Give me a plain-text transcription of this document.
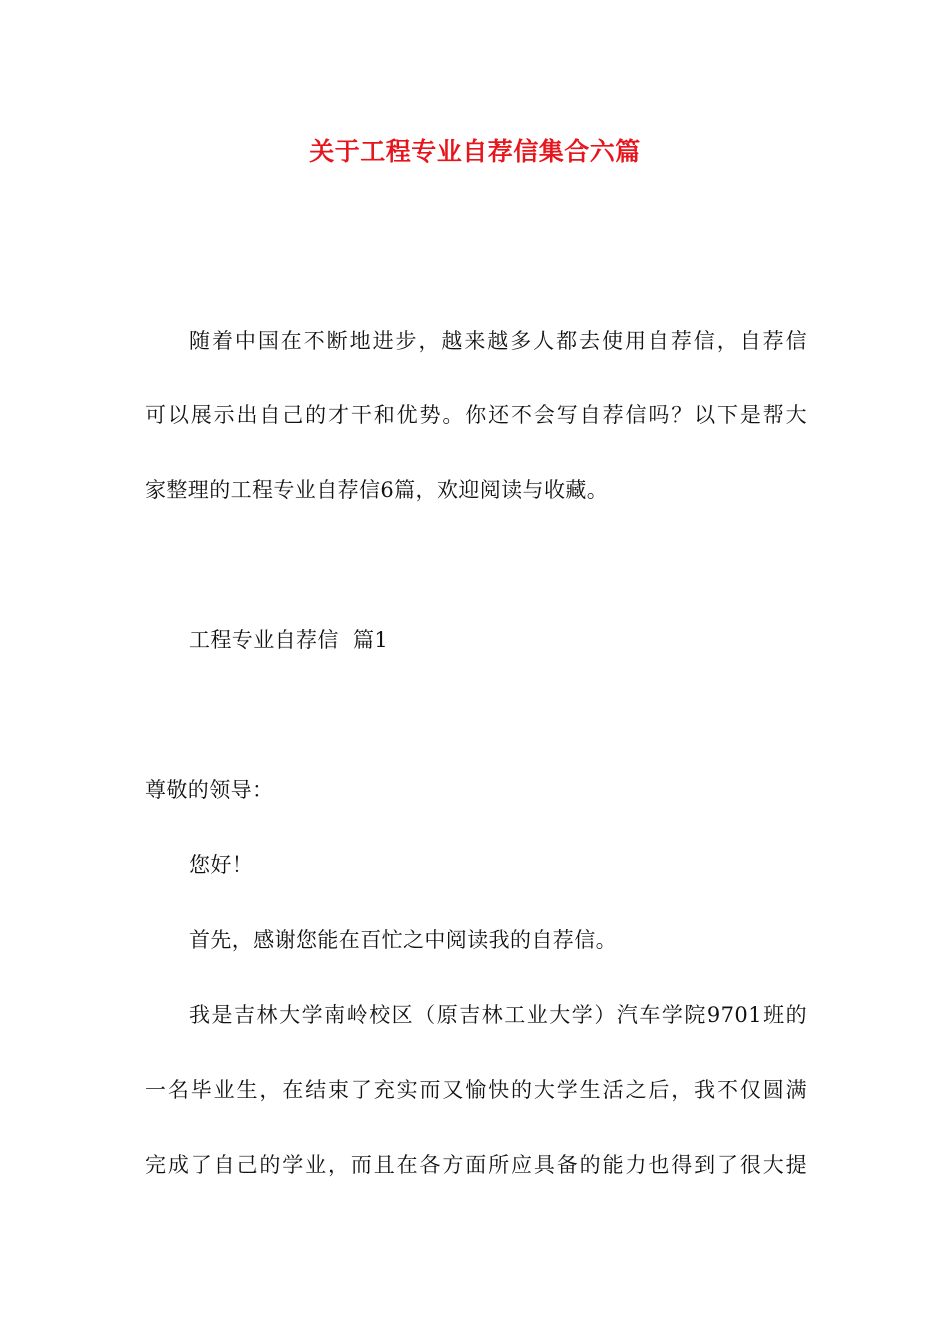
关于工程专业自荐信集合六篇
随着中国在不断地进步，越来越多人都去使用自荐信，自荐信
可以展示出自己的才干和优势。你还不会写自荐信吗？以下是帮大
家整理的工程专业自荐信6篇，欢迎阅读与收藏。
工程专业自荐信  篇1
尊敬的领导：
您好！
首先，感谢您能在百忙之中阅读我的自荐信。
我是吉林大学南岭校区（原吉林工业大学）汽车学院9701班的
一名毕业生，在结束了充实而又愉快的大学生活之后，我不仅圆满
完成了自己的学业，而且在各方面所应具备的能力也得到了很大提
